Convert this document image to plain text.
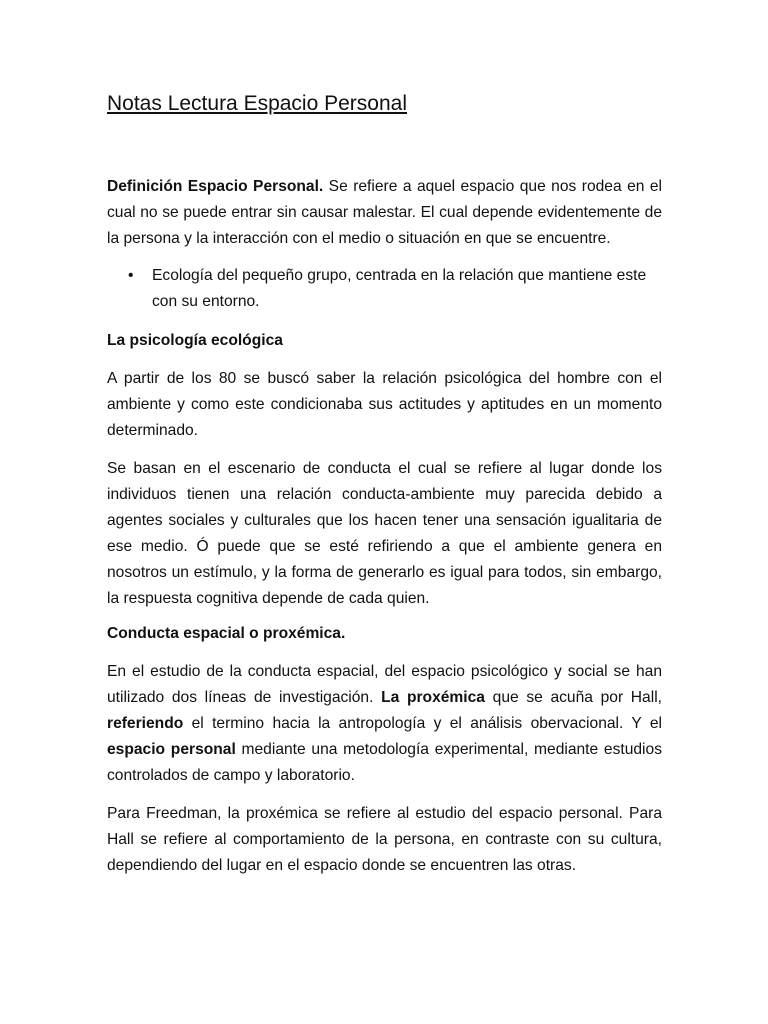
Notas Lectura Espacio Personal

Definición Espacio Personal. Se refiere a aquel espacio que nos rodea en el cual no se puede entrar sin causar malestar. El cual depende evidentemente de la persona y la interacción con el medio o situación en que se encuentre.

• Ecología del pequeño grupo, centrada en la relación que mantiene este con su entorno.
La psicología ecológica

A partir de los 80 se buscó saber la relación psicológica del hombre con el ambiente y como este condicionaba sus actitudes y aptitudes en un momento determinado.

Se basan en el escenario de conducta el cual se refiere al lugar donde los individuos tienen una relación conducta-ambiente muy parecida debido a agentes sociales y culturales que los hacen tener una sensación igualitaria de ese medio. Ó puede que se esté refiriendo a que el ambiente genera en nosotros un estímulo, y la forma de generarlo es igual para todos, sin embargo, la respuesta cognitiva depende de cada quien.

Conducta espacial o proxémica.

En el estudio de la conducta espacial, del espacio psicológico y social se han utilizado dos líneas de investigación. La proxémica que se acuña por Hall, referiendo el termino hacia la antropología y el análisis obervacional. Y el espacio personal mediante una metodología experimental, mediante estudios controlados de campo y laboratorio.

Para Freedman, la proxémica se refiere al estudio del espacio personal. Para Hall se refiere al comportamiento de la persona, en contraste con su cultura, dependiendo del lugar en el espacio donde se encuentren las otras.
